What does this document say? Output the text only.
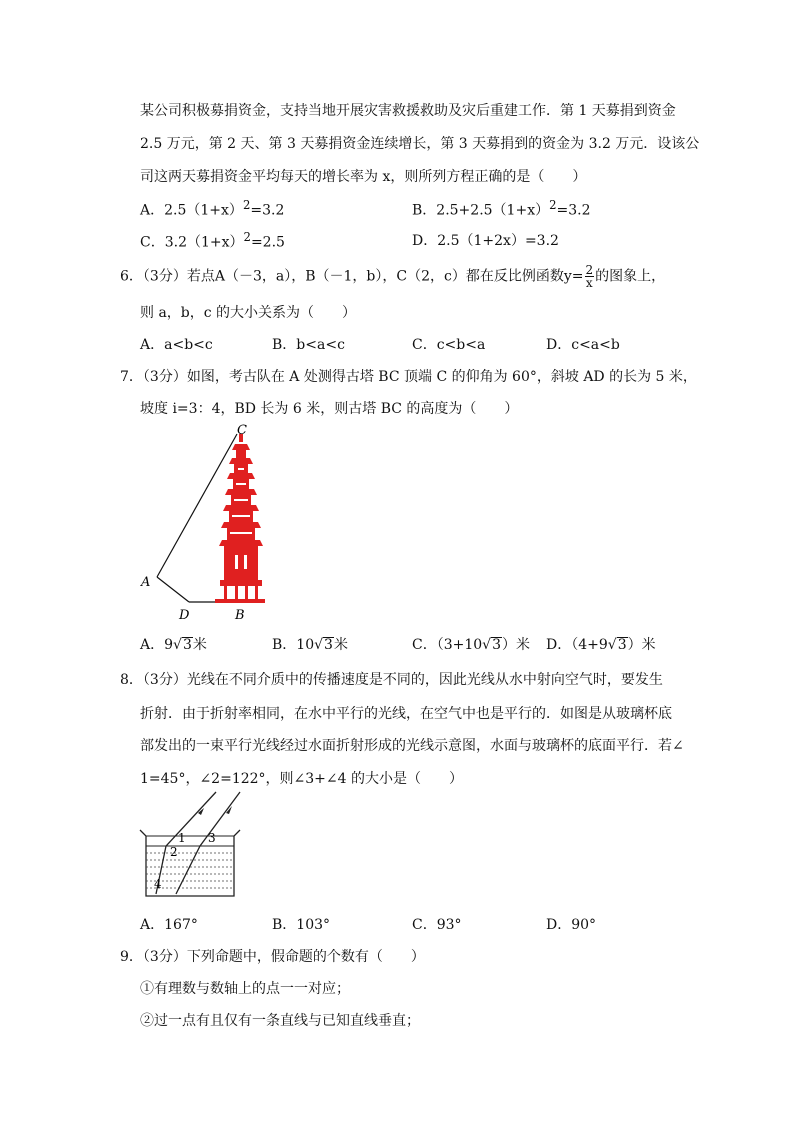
某公司积极募捐资金，支持当地开展灾害救援救助及灾后重建工作．第 1 天募捐到资金
2.5 万元，第 2 天、第 3 天募捐资金连续增长，第 3 天募捐到的资金为 3.2 万元．设该公
司这两天募捐资金平均每天的增长率为 x，则所列方程正确的是（　　）
A．$2.5(1+x)^2=3.2$	B．$2.5+2.5(1+x)^2=3.2$
C．$3.2(1+x)^2=2.5$	D．2.5（1+2x）=3.2
6．（3分）若点A（－3，a），B（－1，b），C（2，c）都在反比例函数$y= \frac{2}{x}$ 的图象上，
则 a，b，c 的大小关系为（　　）
A．a<b<c	B．b<a<c	C．c<b<a	D．c<a<b
7．（3分）如图，考古队在 A 处测得古塔 BC 顶端 C 的仰角为 60°，斜坡 AD 的长为 5 米，
坡度 i=3：4，BD 长为 6 米，则古塔 BC 的高度为（　　）
C
A
D	B
A．9√3米	B．10√3米	C．（3+10√3）米 D．（4+9√3）米
8．（3分）光线在不同介质中的传播速度是不同的，因此光线从水中射向空气时，要发生
折射．由于折射率相同，在水中平行的光线，在空气中也是平行的．如图是从玻璃杯底
部发出的一束平行光线经过水面折射形成的光线示意图，水面与玻璃杯的底面平行．若∠
1=45°，∠2=122°，则∠3+∠4 的大小是（　　）
1
2
3
4
A．167°	B．103°	C．93°	D．90°
9．（3分）下列命题中，假命题的个数有（　　）
①有理数与数轴上的点一一对应；
②过一点有且仅有一条直线与已知直线垂直；
